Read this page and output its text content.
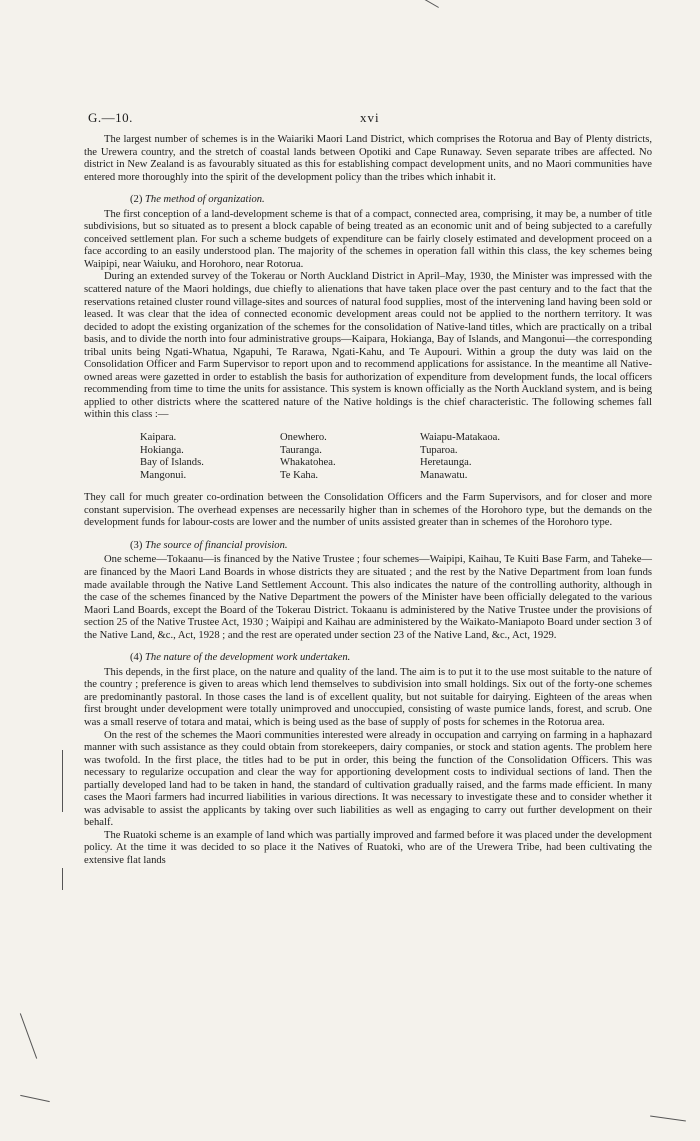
G.—10.	xvi

The largest number of schemes is in the Waiariki Maori Land District, which comprises the Rotorua and Bay of Plenty districts, the Urewera country, and the stretch of coastal lands between Opotiki and Cape Runaway. Seven separate tribes are affected. No district in New Zealand is as favourably situated as this for establishing compact development units, and no Maori communities have entered more thoroughly into the spirit of the development policy than the tribes which inhabit it.

(2) The method of organization.

The first conception of a land-development scheme is that of a compact, connected area, comprising, it may be, a number of title subdivisions, but so situated as to present a block capable of being treated as an economic unit and of being subjected to a carefully conceived settlement plan. For such a scheme budgets of expenditure can be fairly closely estimated and development proceed on a face according to an easily understood plan. The majority of the schemes in operation fall within this class, the key schemes being Waipipi, near Waiuku, and Horohoro, near Rotorua.

During an extended survey of the Tokerau or North Auckland District in April–May, 1930, the Minister was impressed with the scattered nature of the Maori holdings, due chiefly to alienations that have taken place over the past century and to the fact that the reservations retained cluster round village-sites and sources of natural food supplies, most of the intervening land having been sold or leased. It was clear that the idea of connected economic development areas could not be applied to the northern territory. It was decided to adopt the existing organization of the schemes for the consolidation of Native-land titles, which are practically on a tribal basis, and to divide the north into four administrative groups—Kaipara, Hokianga, Bay of Islands, and Mangonui—the corresponding tribal units being Ngati-Whatua, Ngapuhi, Te Rarawa, Ngati-Kahu, and Te Aupouri. Within a group the duty was laid on the Consolidation Officer and Farm Supervisor to report upon and to recommend applications for assistance. In the meantime all Native-owned areas were gazetted in order to establish the basis for authorization of expenditure from development funds, the local officers recommending from time to time the units for assistance. This system is known officially as the North Auckland system, and is being applied to other districts where the scattered nature of the Native holdings is the chief characteristic. The following schemes fall within this class :—

Kaipara.	Onewhero.	Waiapu-Matakaoa.
Hokianga.	Tauranga.	Tuparoa.
Bay of Islands.	Whakatohea.	Heretaunga.
Mangonui.	Te Kaha.	Manawatu.

They call for much greater co-ordination between the Consolidation Officers and the Farm Supervisors, and for closer and more constant supervision. The overhead expenses are necessarily higher than in schemes of the Horohoro type, but the demands on the development funds for labour-costs are lower and the number of units assisted greater than in schemes of the Horohoro type.

(3) The source of financial provision.

One scheme—Tokaanu—is financed by the Native Trustee ; four schemes—Waipipi, Kaihau, Te Kuiti Base Farm, and Taheke—are financed by the Maori Land Boards in whose districts they are situated ; and the rest by the Native Department from loan funds made available through the Native Land Settlement Account. This also indicates the nature of the controlling authority, although in the case of the schemes financed by the Native Department the powers of the Minister have been officially delegated to the various Maori Land Boards, except the Board of the Tokerau District. Tokaanu is administered by the Native Trustee under the provisions of section 25 of the Native Trustee Act, 1930 ; Waipipi and Kaihau are administered by the Waikato-Maniapoto Board under section 3 of the Native Land, &c., Act, 1928 ; and the rest are operated under section 23 of the Native Land, &c., Act, 1929.

(4) The nature of the development work undertaken.

This depends, in the first place, on the nature and quality of the land. The aim is to put it to the use most suitable to the nature of the country ; preference is given to areas which lend themselves to subdivision into small holdings. Six out of the forty-one schemes are predominantly pastoral. In those cases the land is of excellent quality, but not suitable for dairying. Eighteen of the areas when first brought under development were totally unimproved and unoccupied, consisting of waste pumice lands, forest, and scrub. One was a small reserve of totara and matai, which is being used as the base of supply of posts for schemes in the Rotorua area.

On the rest of the schemes the Maori communities interested were already in occupation and carrying on farming in a haphazard manner with such assistance as they could obtain from storekeepers, dairy companies, or stock and station agents. The problem here was twofold. In the first place, the titles had to be put in order, this being the function of the Consolidation Officers. This was necessary to regularize occupation and clear the way for apportioning development costs to individual sections of land. Then the partially developed land had to be taken in hand, the standard of cultivation gradually raised, and the farms made efficient. In many cases the Maori farmers had incurred liabilities in various directions. It was necessary to investigate these and to consider whether it was advisable to assist the applicants by taking over such liabilities as well as engaging to carry out further development on their behalf.

The Ruatoki scheme is an example of land which was partially improved and farmed before it was placed under the development policy. At the time it was decided to so place it the Natives of Ruatoki, who are of the Urewera Tribe, had been cultivating the extensive flat lands
